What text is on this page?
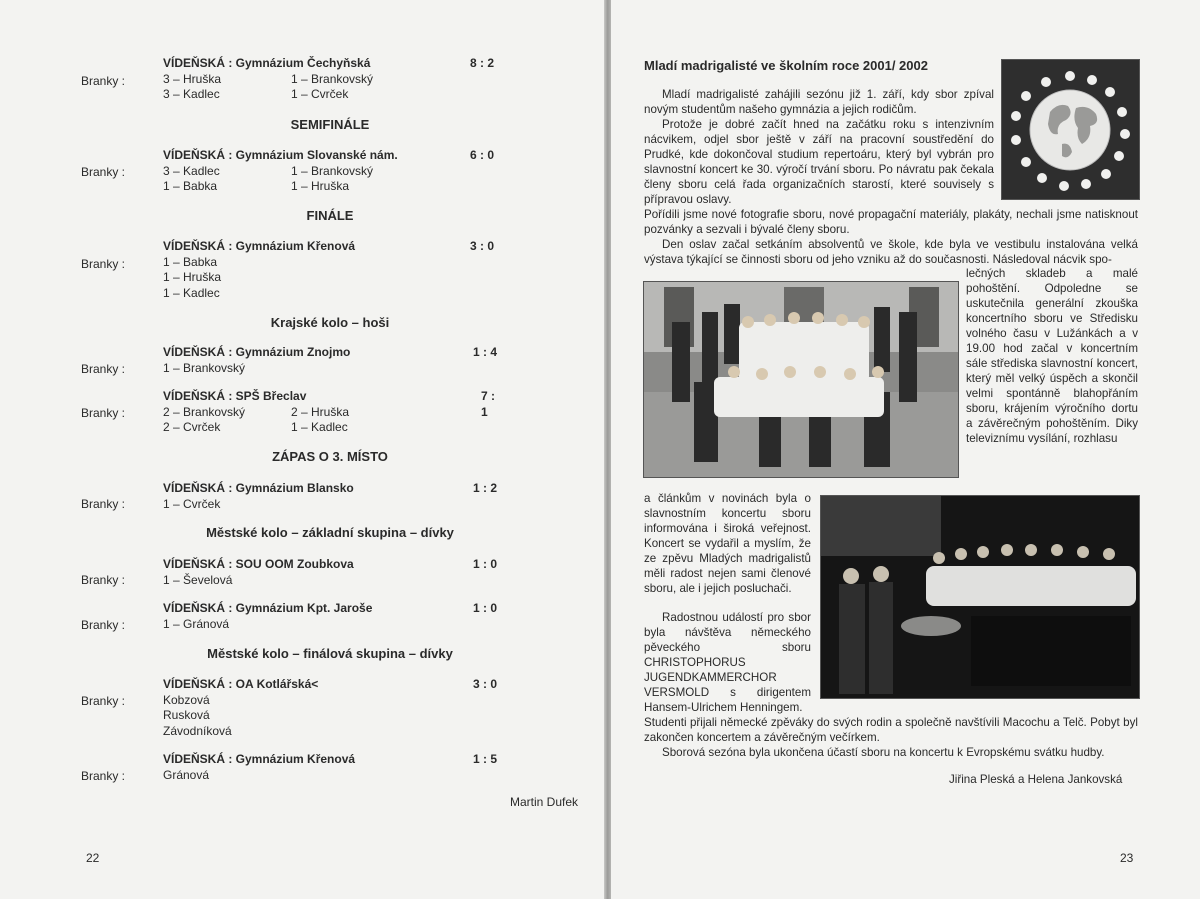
VÍDEŇSKÁ : Gymnázium Čechyňská	8 : 2
3 – Hruška	1 – Brankovský
3 – Kadlec	1 – Cvrček
Branky :
SEMIFINÁLE
VÍDEŇSKÁ : Gymnázium Slovanské nám.	6 : 0
3 – Kadlec	1 – Brankovský
1 – Babka	1 – Hruška
Branky :
FINÁLE
VÍDEŇSKÁ : Gymnázium Křenová	3 : 0
1 – Babka
1 – Hruška
1 – Kadlec
Branky :
Krajské kolo – hoši
VÍDEŇSKÁ : Gymnázium Znojmo	1 : 4
1 – Brankovský
Branky :
VÍDEŇSKÁ : SPŠ Břeclav	7 : 1
2 – Brankovský	2 – Hruška
2 – Cvrček	1 – Kadlec
Branky :
ZÁPAS O 3. MÍSTO
VÍDEŇSKÁ : Gymnázium Blansko	1 : 2
1 – Cvrček
Branky :
Městské kolo – základní skupina – dívky
VÍDEŇSKÁ : SOU OOM Zoubkova	1 : 0
1 – Ševelová
Branky :
VÍDEŇSKÁ : Gymnázium Kpt. Jaroše	1 : 0
1 – Gránová
Branky :
Městské kolo – finálová skupina – dívky
VÍDEŇSKÁ : OA Kotlářská<	3 : 0
Kobzová
Rusková
Závodníková
Branky :
VÍDEŇSKÁ : Gymnázium Křenová	1 : 5
Gránová
Branky :
Martin Dufek
22
Mladí madrigalisté ve školním roce 2001/ 2002
Mladí madrigalisté zahájili sezónu již 1. září, kdy sbor zpíval novým studentům našeho gymnázia a jejich rodičům.
Protože je dobré začít hned na začátku roku s intenzivním nácvikem, odjel sbor ještě v září na pracovní soustředění do Prudké, kde dokončoval studium repertoáru, který byl vybrán pro slavnostní koncert ke 30. výročí trvání sboru. Po návratu pak čekala členy sboru celá řada organizačních starostí, které souvisely s přípravou oslavy.
Pořídili jsme nové fotografie sboru, nové propagační materiály, plakáty, nechali jsme natisknout pozvánky a sezvali i bývalé členy sboru.
Den oslav začal setkáním absolventů ve škole, kde byla ve vestibulu instalována velká výstava týkající se činnosti sboru od jeho vzniku až do současnosti. Následoval nácvik spo-
lečných skladeb a malé pohoštění. Odpoledne se uskutečnila generální zkouška koncertního sboru ve Středisku volného času v Lužánkách a v 19.00 hod začal v koncertním sále střediska slavnostní koncert, který měl velký úspěch a skončil velmi spontánně blahopřáním sboru, krájením výročního dortu a závěrečným pohoštěním. Diky televiznímu vysílání, rozhlasu
a článkům v novinách byla o slavnostním koncertu sboru informována i široká veřejnost. Koncert se vydařil a myslím, že ze zpěvu Mladých madrigalistů měli radost nejen sami členové sboru, ale i jejich posluchači.
Radostnou událostí pro sbor byla návštěva německého pěveckého sboru CHRISTOPHORUS JUGENDKAMMERCHOR VERSMOLD s dirigentem Hansem-Ulrichem Henningem.
Studenti přijali německé zpěváky do svých rodin a společně navštívili Macochu a Telč. Pobyt byl zakončen koncertem a závěrečným večírkem.
Sborová sezóna byla ukončena účastí sboru na koncertu k Evropskému svátku hudby.
Jiřina Pleská a Helena Jankovská
23
